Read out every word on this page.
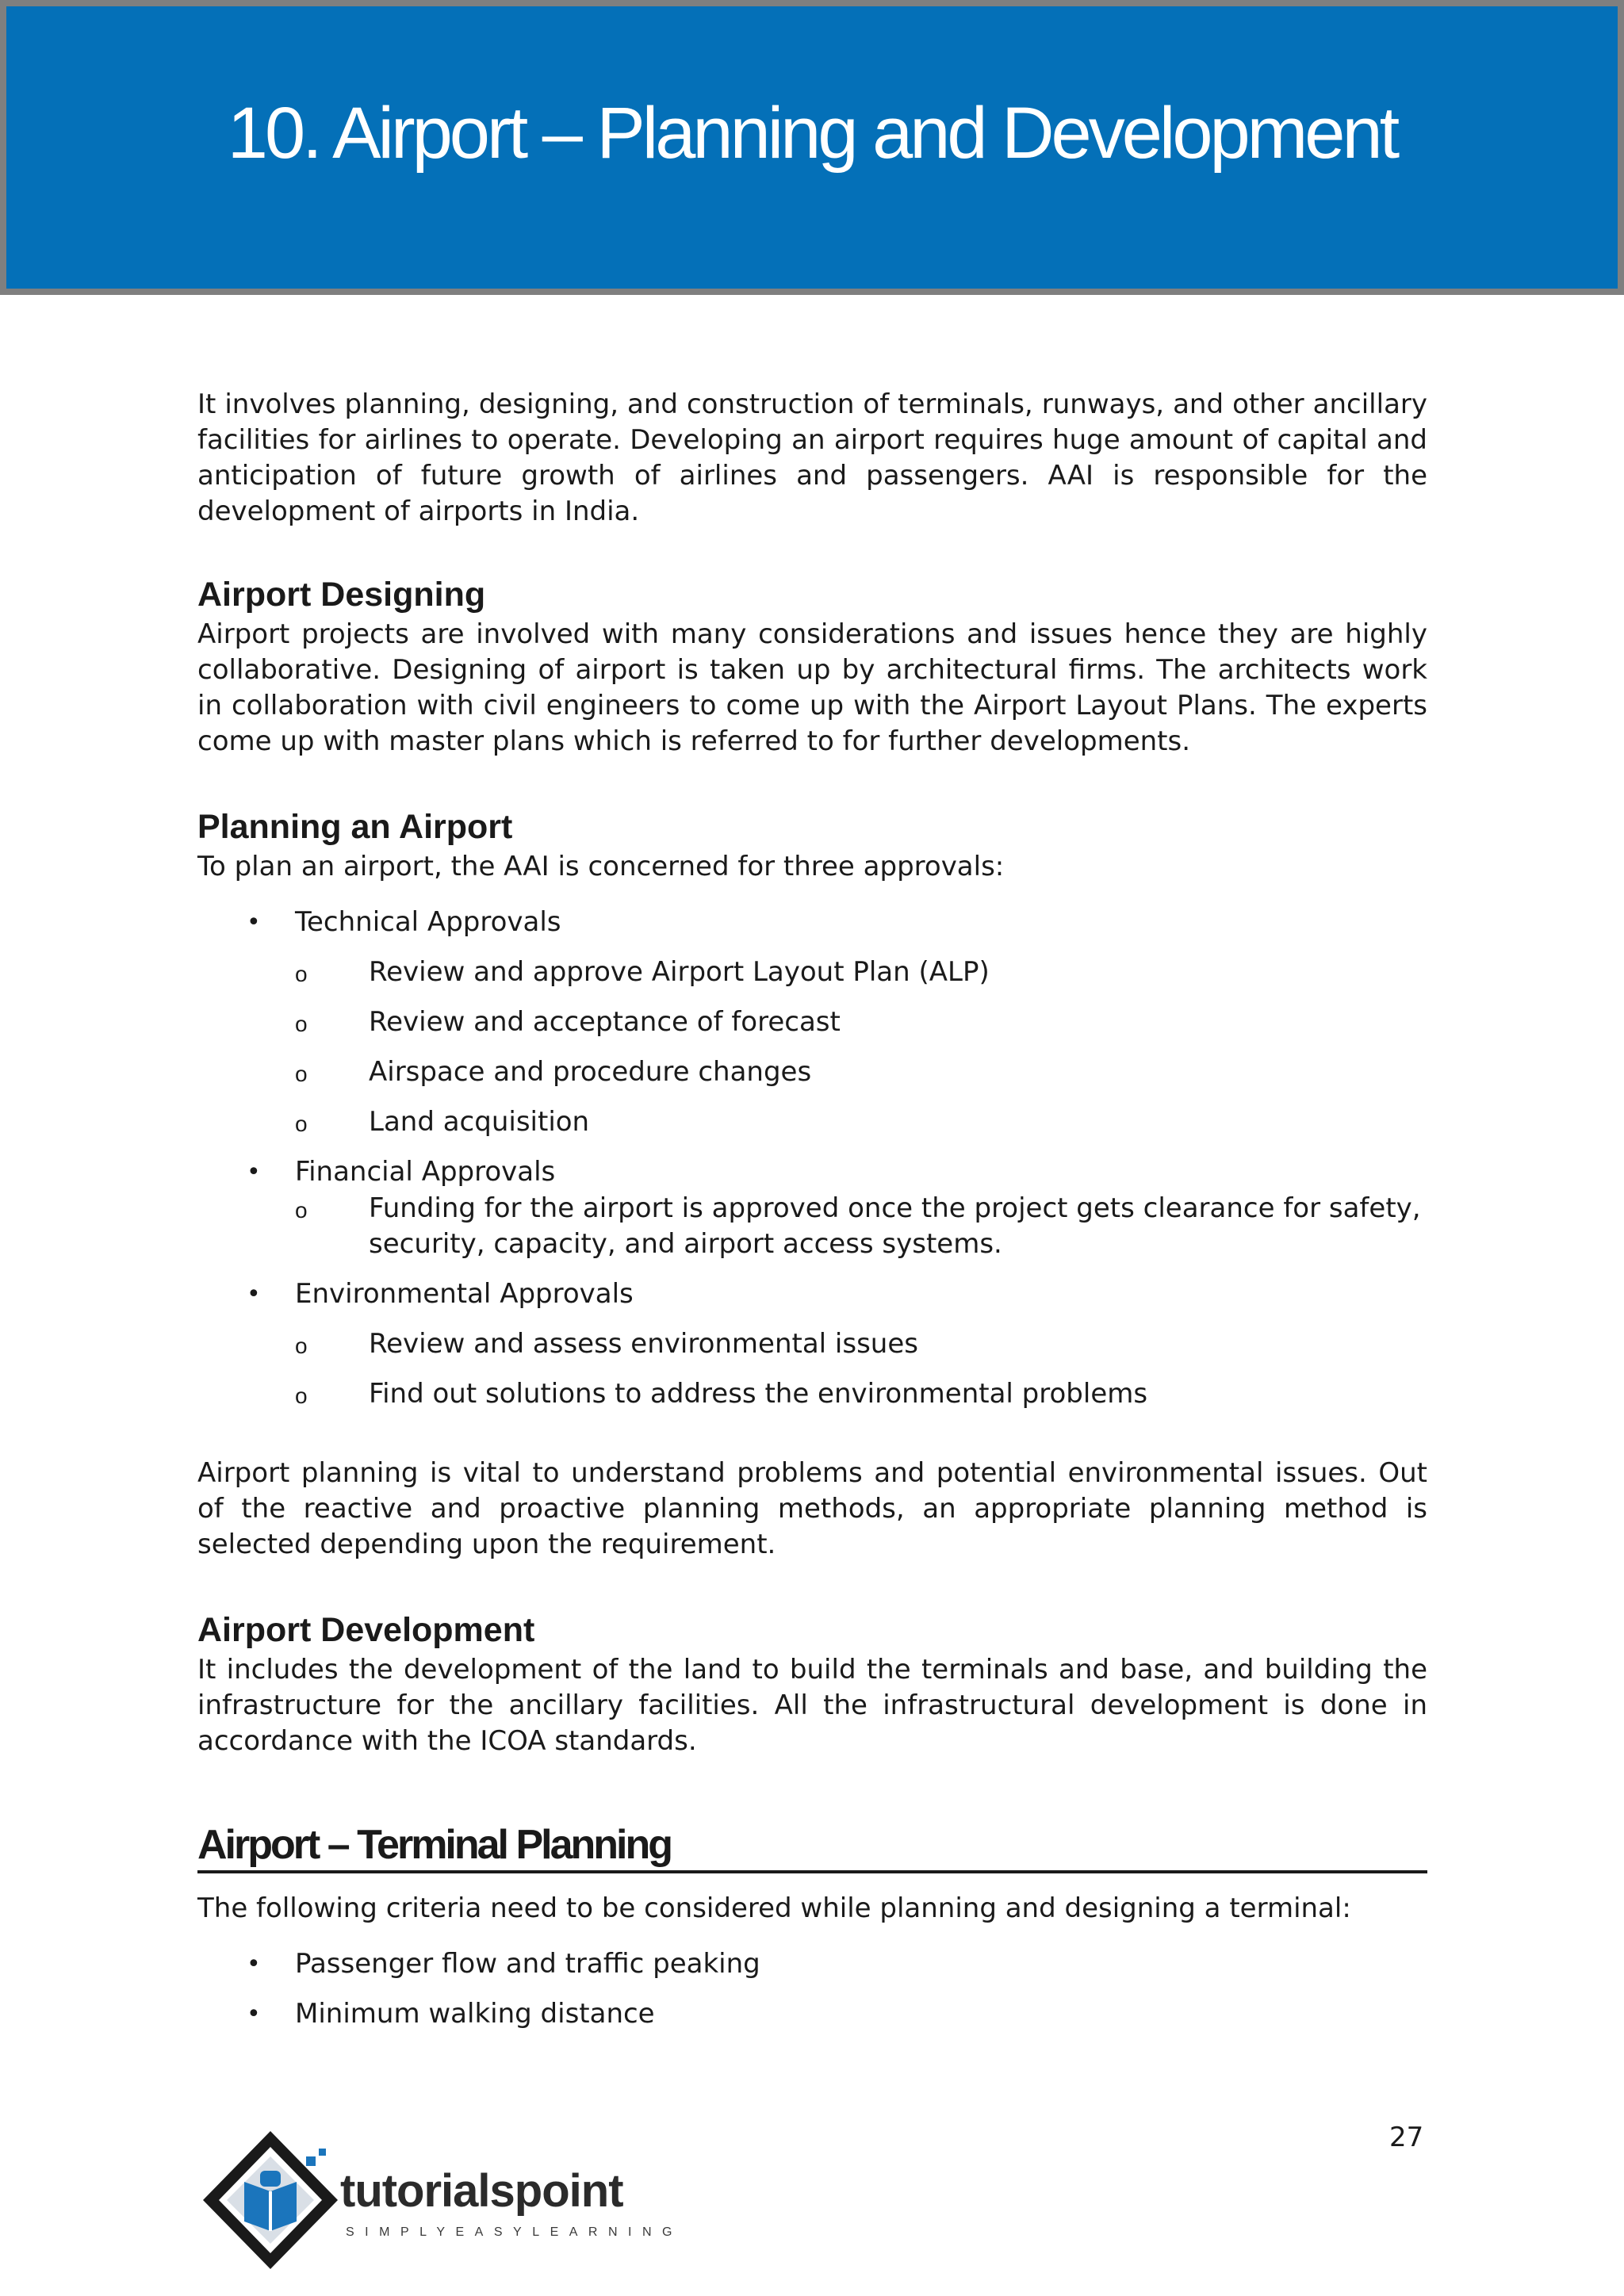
10. Airport – Planning and Development

It involves planning, designing, and construction of terminals, runways, and other ancillary facilities for airlines to operate. Developing an airport requires huge amount of capital and anticipation of future growth of airlines and passengers. AAI is responsible for the development of airports in India.

Airport Designing

Airport projects are involved with many considerations and issues hence they are highly collaborative. Designing of airport is taken up by architectural firms. The architects work in collaboration with civil engineers to come up with the Airport Layout Plans. The experts come up with master plans which is referred to for further developments.

Planning an Airport

To plan an airport, the AAI is concerned for three approvals:

• Technical Approvals
o Review and approve Airport Layout Plan (ALP)
o Review and acceptance of forecast
o Airspace and procedure changes
o Land acquisition
• Financial Approvals
o Funding for the airport is approved once the project gets clearance for safety, security, capacity, and airport access systems.
• Environmental Approvals
o Review and assess environmental issues
o Find out solutions to address the environmental problems

Airport planning is vital to understand problems and potential environmental issues. Out of the reactive and proactive planning methods, an appropriate planning method is selected depending upon the requirement.

Airport Development

It includes the development of the land to build the terminals and base, and building the infrastructure for the ancillary facilities. All the infrastructural development is done in accordance with the ICOA standards.

Airport – Terminal Planning

The following criteria need to be considered while planning and designing a terminal:

• Passenger flow and traffic peaking
• Minimum walking distance
27
tutorialspoint
SIMPLYEASYLEARNING
